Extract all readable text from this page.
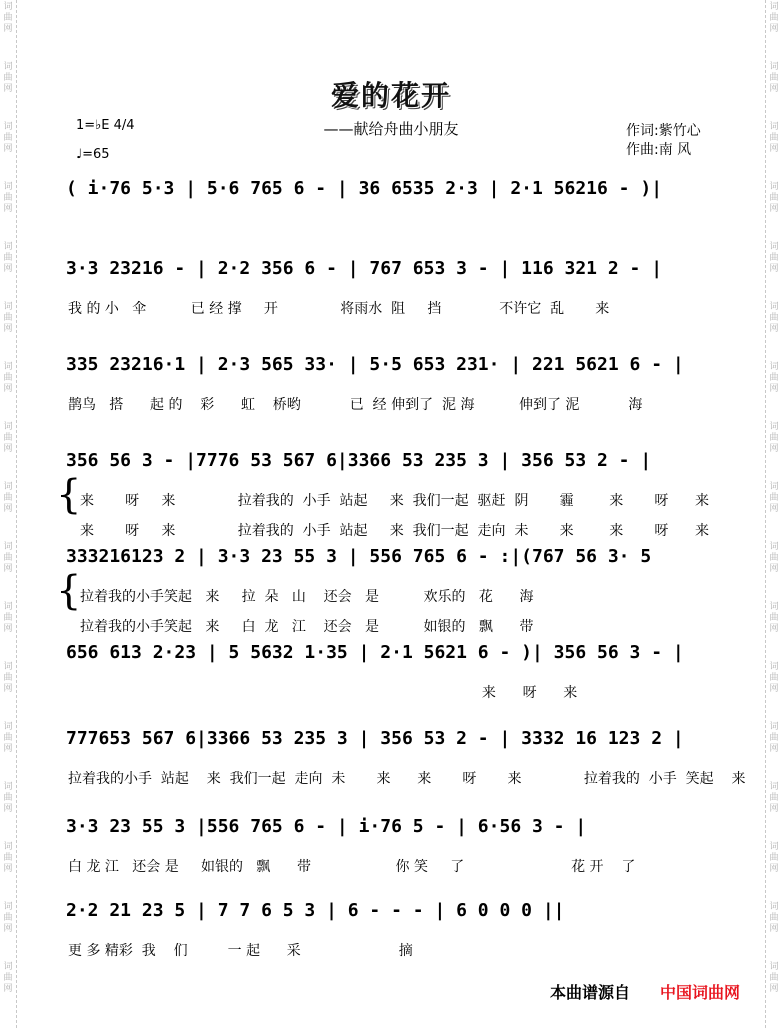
词
曲
网
词
曲
网
词
曲
网
词
曲
网
词
曲
网
词
曲
网
词
曲
网
词
曲
网
词
曲
网
词
曲
网
词
曲
网
词
曲
网
词
曲
网
词
曲
网
词
曲
网
词
曲
网
词
曲
网
词
曲
网
词
曲
网
词
曲
网
词
曲
网
词
曲
网
词
曲
网
词
曲
网
词
曲
网
词
曲
网
词
曲
网
词
曲
网
词
曲
网
词
曲
网
词
曲
网
词
曲
网
词
曲
网
词
曲
网
爱的花开
——献给舟曲小朋友
1=♭E 4/4
♩=65
作词:紫竹心
作曲:南 风
( i·76 5·3 | 5·6 765 6 - | 36 6535 2·3 | 2·1 56216 - )|
3·3 23216 - | 2·2 356 6 - | 767 653 3 - | 116 321 2 - |
我 的 小   伞          已 经 撑     开              将雨水  阻     挡             不许它  乱       来
335 23216·1 | 2·3 565 33· | 5·5 653 231· | 221 5621 6 - |
鹊鸟   搭      起 的    彩      虹    桥哟           已  经 伸到了  泥 海          伸到了 泥           海
356 56 3 - |7776 53 567 6|3366 53 235 3 | 356 53 2 - |
{
来       呀     来              拉着我的  小手  站起     来  我们一起  驱赶  阴       霾        来       呀      来
来       呀     来              拉着我的  小手  站起     来  我们一起  走向  未       来        来       呀      来
333216123 2 | 3·3 23 55 3 | 556 765 6 - :|(767 56 3· 5
{
拉着我的小手笑起   来     拉  朵   山    还会   是          欢乐的   花      海
拉着我的小手笑起   来     白  龙   江    还会   是          如银的   飘      带
656 613 2·23 | 5 5632 1·35 | 2·1 5621 6 - )| 356 56 3 - |
来      呀      来
777653 567 6|3366 53 235 3 | 356 53 2 - | 3332 16 123 2 |
拉着我的小手  站起    来  我们一起  走向  未       来      来       呀       来              拉着我的  小手  笑起    来
3·3 23 55 3 |556 765 6 - | i·76 5 - | 6·56 3 - |
白 龙 江   还会 是     如银的   飘      带                   你 笑     了                        花 开    了
2·2 21 23 5 | 7 7 6 5 3 | 6 - - - | 6 0 0 0 ||
更 多 精彩  我    们         一 起      采                      摘
本曲谱源自 中国词曲网
